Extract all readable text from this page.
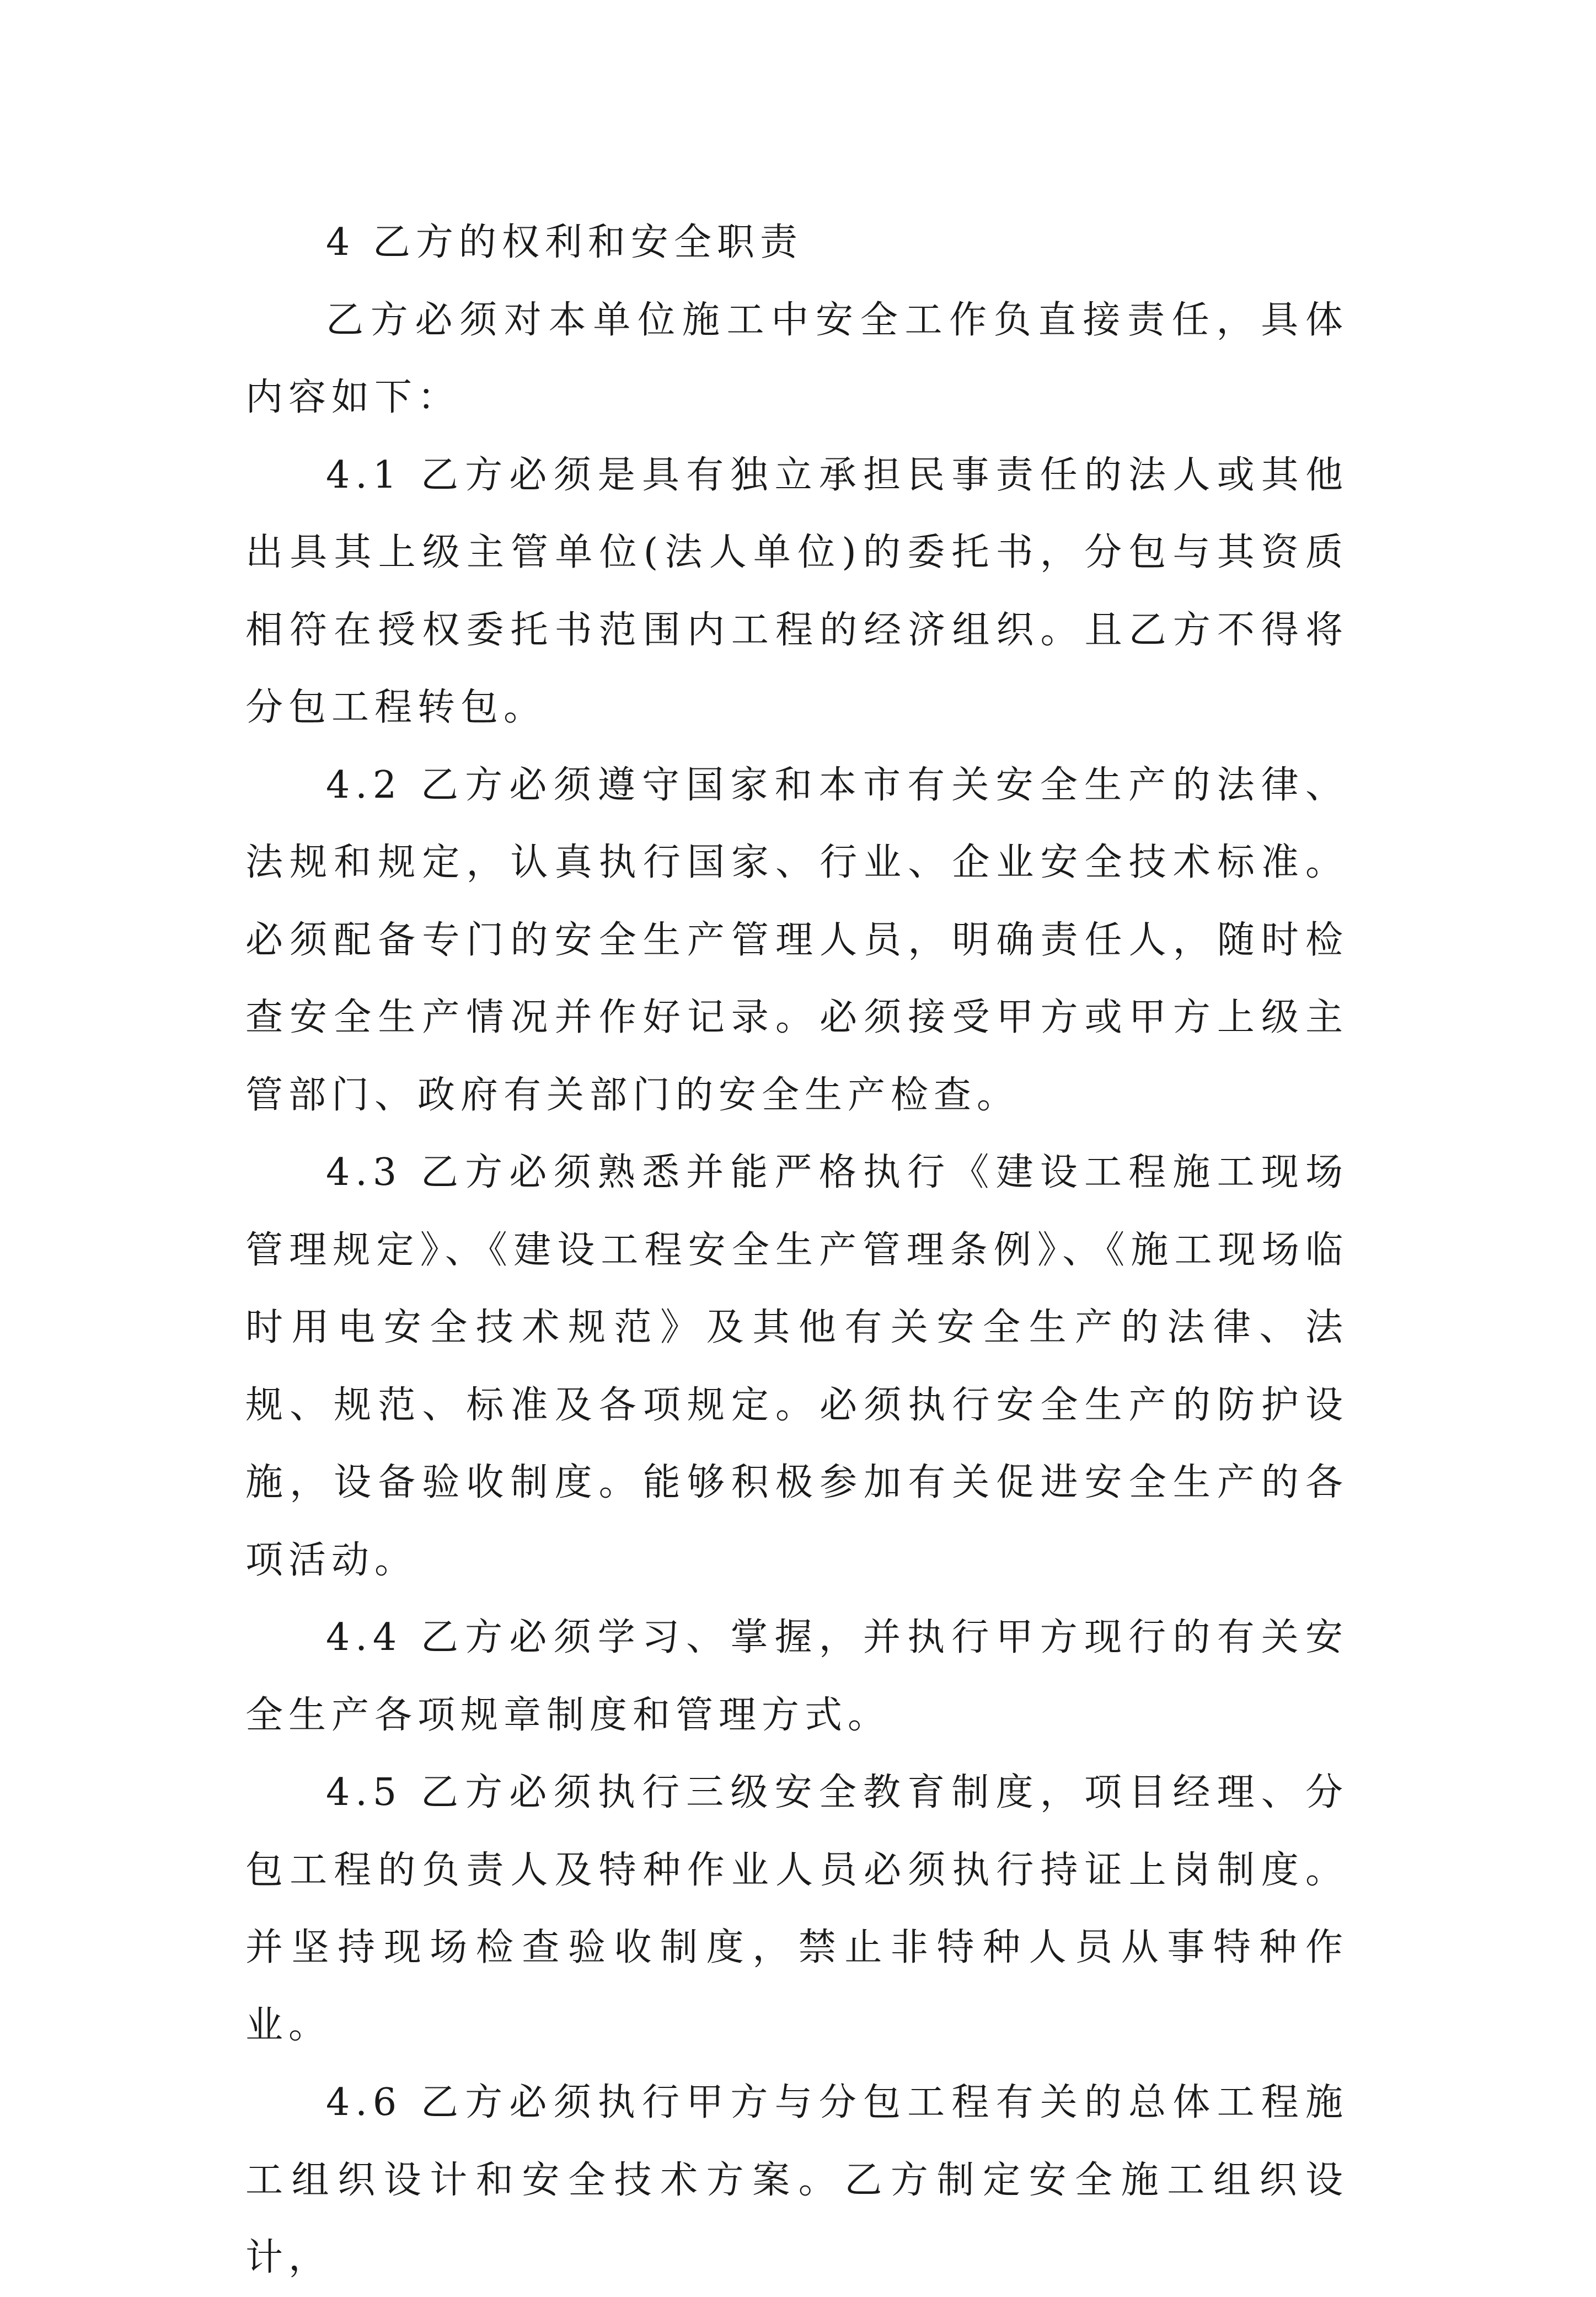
4 乙方的权利和安全职责

乙方必须对本单位施工中安全工作负直接责任，具体内容如下：

4.1 乙方必须是具有独立承担民事责任的法人或其他出具其上级主管单位(法人单位)的委托书，分包与其资质相符在授权委托书范围内工程的经济组织。且乙方不得将分包工程转包。

4.2 乙方必须遵守国家和本市有关安全生产的法律、法规和规定，认真执行国家、行业、企业安全技术标准。必须配备专门的安全生产管理人员，明确责任人，随时检查安全生产情况并作好记录。必须接受甲方或甲方上级主管部门、政府有关部门的安全生产检查。

4.3 乙方必须熟悉并能严格执行《建设工程施工现场管理规定》、《建设工程安全生产管理条例》、《施工现场临时用电安全技术规范》及其他有关安全生产的法律、法规、规范、标准及各项规定。必须执行安全生产的防护设施，设备验收制度。能够积极参加有关促进安全生产的各项活动。

4.4 乙方必须学习、掌握，并执行甲方现行的有关安全生产各项规章制度和管理方式。

4.5 乙方必须执行三级安全教育制度，项目经理、分包工程的负责人及特种作业人员必须执行持证上岗制度。并坚持现场检查验收制度，禁止非特种人员从事特种作业。

4.6 乙方必须执行甲方与分包工程有关的总体工程施工组织设计和安全技术方案。乙方制定安全施工组织设计，
